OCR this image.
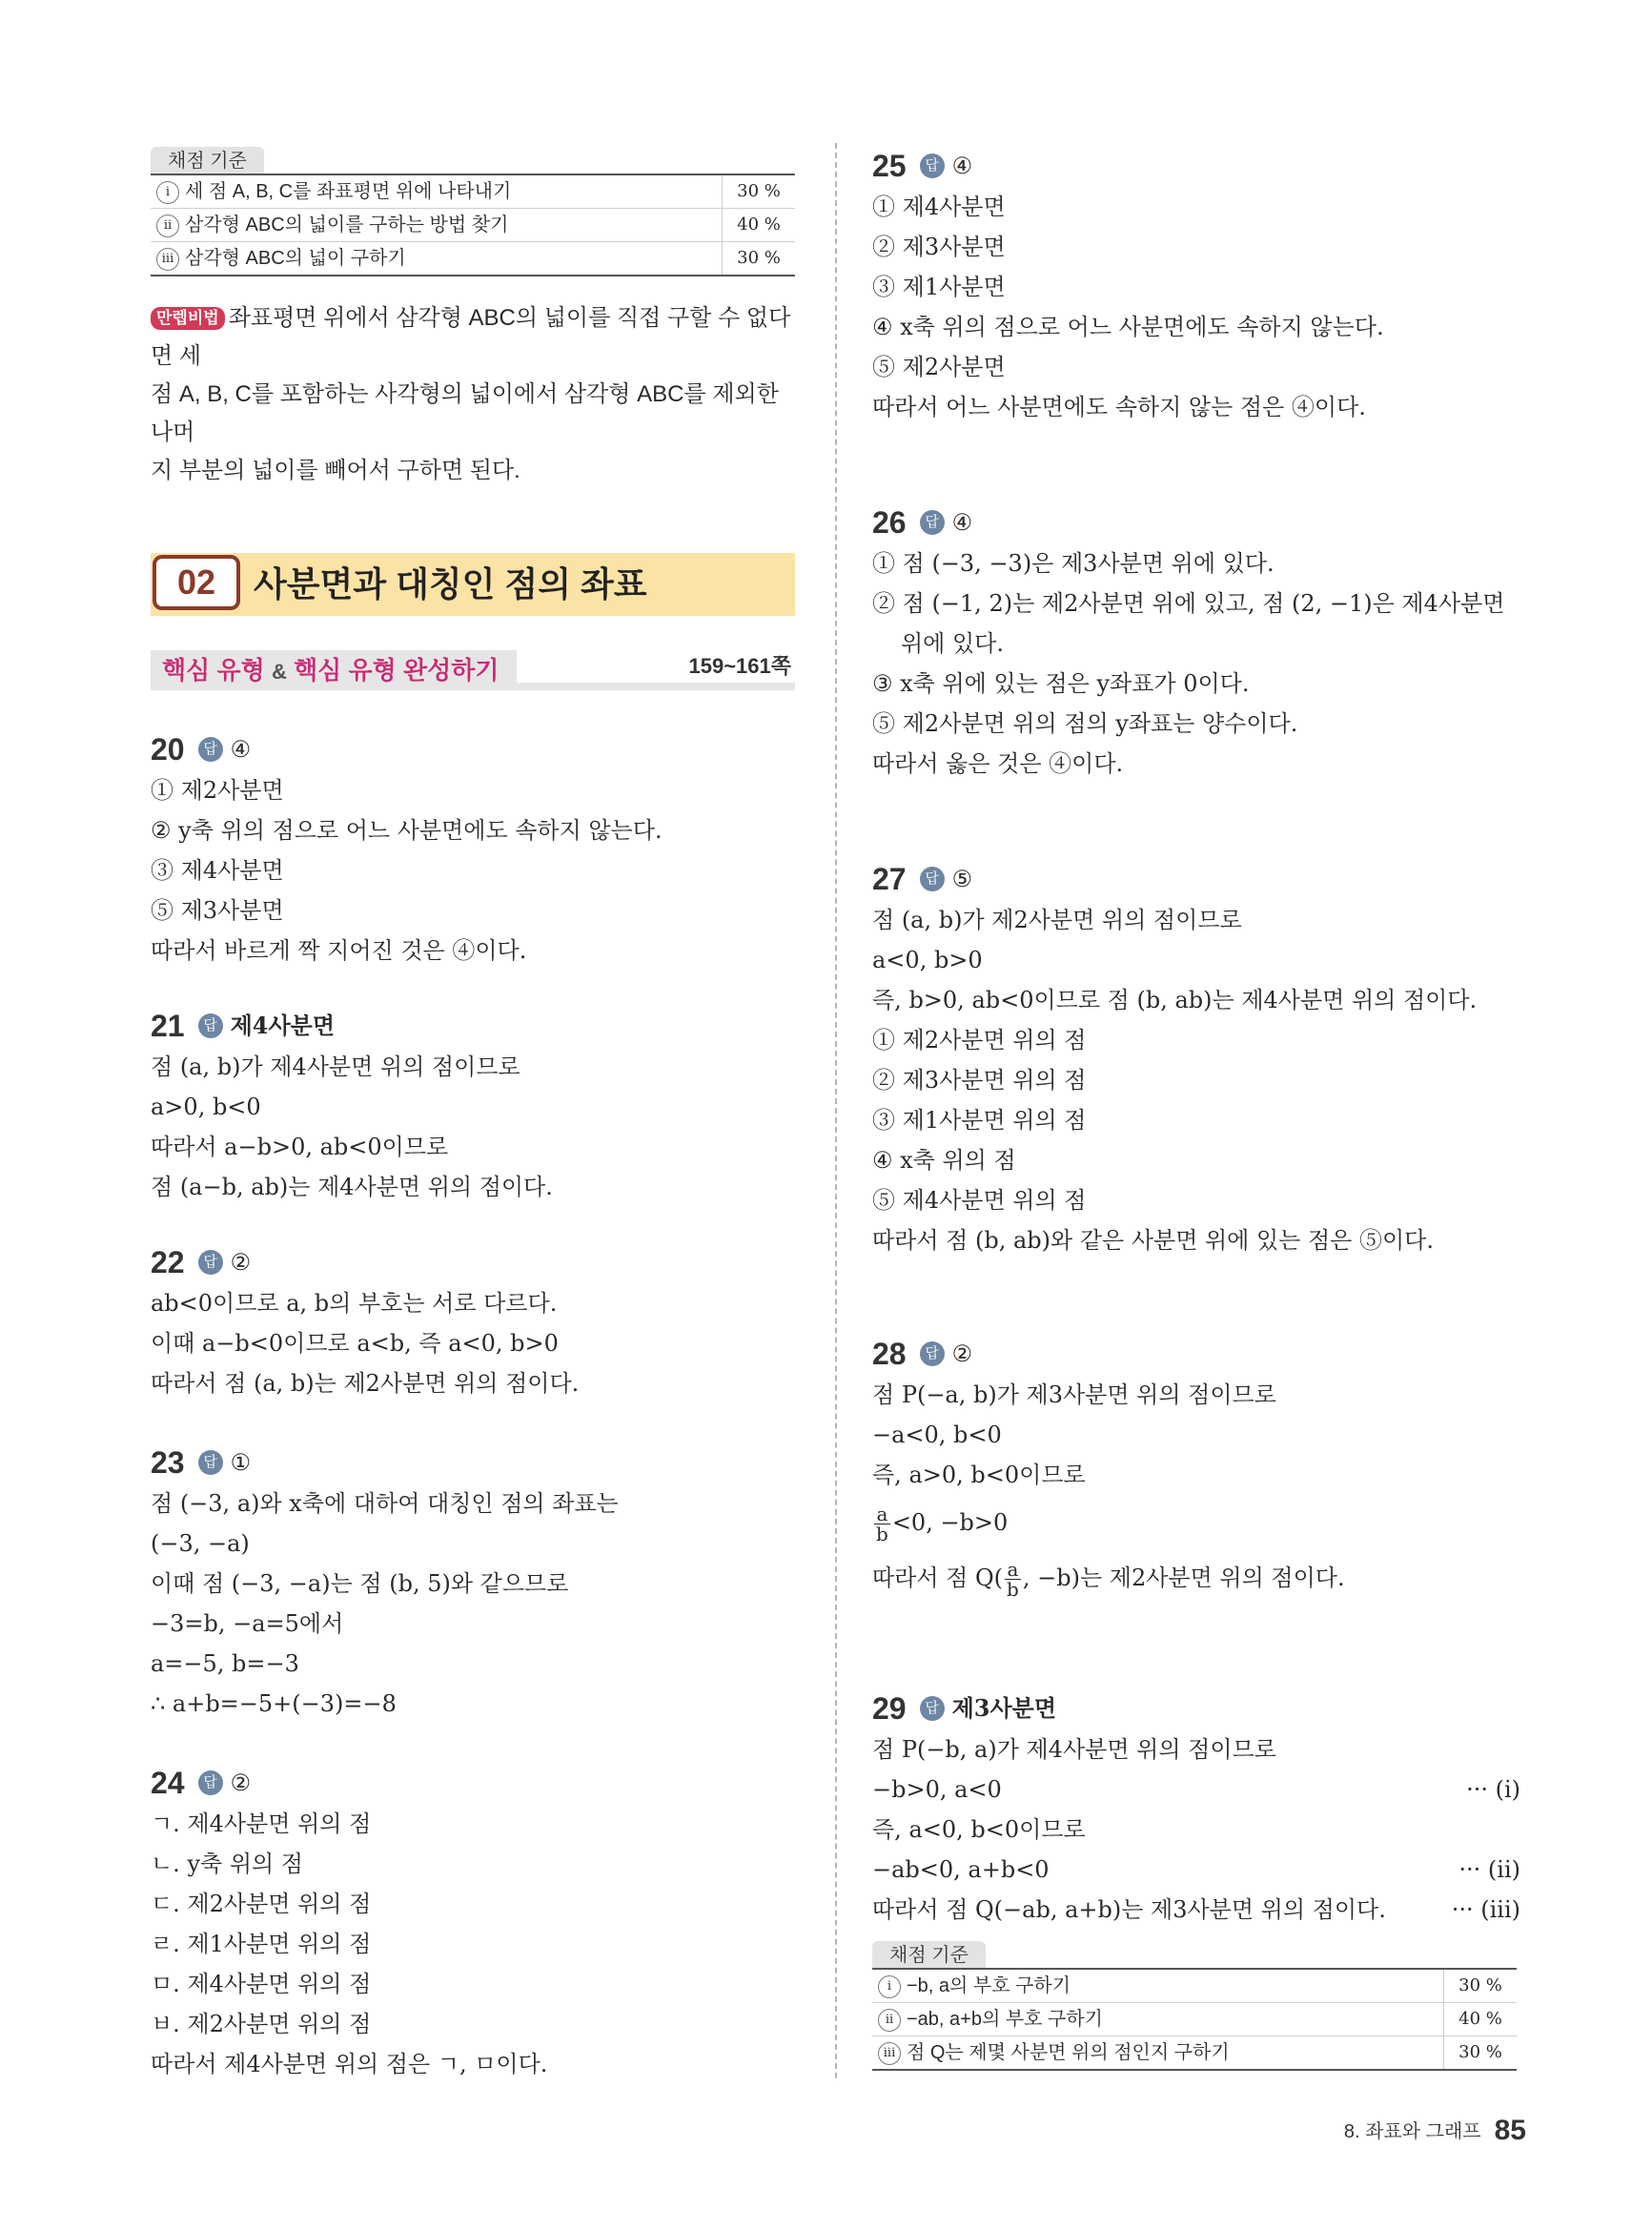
채점 기준
i 세 점 A, B, C를 좌표평면 위에 나타내기	30 %
ii 삼각형 ABC의 넓이를 구하는 방법 찾기	40 %
iii 삼각형 ABC의 넓이 구하기	30 %
만렙비법 좌표평면 위에서 삼각형 ABC의 넓이를 직접 구할 수 없다면 세
점 A, B, C를 포함하는 사각형의 넓이에서 삼각형 ABC를 제외한 나머
지 부분의 넓이를 빼어서 구하면 된다.
02	사분면과 대칭인 점의 좌표
핵심 유형 & 핵심 유형 완성하기	159~161쪽
20	답 ④
① 제2사분면
② y축 위의 점으로 어느 사분면에도 속하지 않는다.
③ 제4사분면
⑤ 제3사분면
따라서 바르게 짝 지어진 것은 ④이다.
21	답 제4사분면
점 (a, b)가 제4사분면 위의 점이므로
a>0, b<0
따라서 a−b>0, ab<0이므로
점 (a−b, ab)는 제4사분면 위의 점이다.
22	답 ②
ab<0이므로 a, b의 부호는 서로 다르다.
이때 a−b<0이므로 a<b, 즉 a<0, b>0
따라서 점 (a, b)는 제2사분면 위의 점이다.
23	답 ①
점 (−3, a)와 x축에 대하여 대칭인 점의 좌표는
(−3, −a)
이때 점 (−3, −a)는 점 (b, 5)와 같으므로
−3=b, −a=5에서
a=−5, b=−3
∴ a+b=−5+(−3)=−8
24	답 ②
ㄱ. 제4사분면 위의 점
ㄴ. y축 위의 점
ㄷ. 제2사분면 위의 점
ㄹ. 제1사분면 위의 점
ㅁ. 제4사분면 위의 점
ㅂ. 제2사분면 위의 점
따라서 제4사분면 위의 점은 ㄱ, ㅁ이다.
25	답 ④
① 제4사분면
② 제3사분면
③ 제1사분면
④ x축 위의 점으로 어느 사분면에도 속하지 않는다.
⑤ 제2사분면
따라서 어느 사분면에도 속하지 않는 점은 ④이다.
26	답 ④
① 점 (−3, −3)은 제3사분면 위에 있다.
② 점 (−1, 2)는 제2사분면 위에 있고, 점 (2, −1)은 제4사분면
위에 있다.
③ x축 위에 있는 점은 y좌표가 0이다.
⑤ 제2사분면 위의 점의 y좌표는 양수이다.
따라서 옳은 것은 ④이다.
27	답 ⑤
점 (a, b)가 제2사분면 위의 점이므로
a<0, b>0
즉, b>0, ab<0이므로 점 (b, ab)는 제4사분면 위의 점이다.
① 제2사분면 위의 점
② 제3사분면 위의 점
③ 제1사분면 위의 점
④ x축 위의 점
⑤ 제4사분면 위의 점
따라서 점 (b, ab)와 같은 사분면 위에 있는 점은 ⑤이다.
28	답 ②
점 P(−a, b)가 제3사분면 위의 점이므로
−a<0, b<0
즉, a>0, b<0이므로
$\frac{a}{b} <0$, −b>0
따라서 점 $Q( \frac{a}{b}$ , −b)는 제2사분면 위의 점이다.
29	답 제3사분면
점 P(−b, a)가 제4사분면 위의 점이므로
−b>0, a<0	··· (i)
즉, a<0, b<0이므로
−ab<0, a+b<0	··· (ii)
따라서 점 Q(−ab, a+b)는 제3사분면 위의 점이다.	··· (iii)
채점 기준
i −b, a의 부호 구하기	30 %
ii −ab, a+b의 부호 구하기	40 %
iii 점 Q는 제몇 사분면 위의 점인지 구하기	30 %
8. 좌표와 그래프 85
